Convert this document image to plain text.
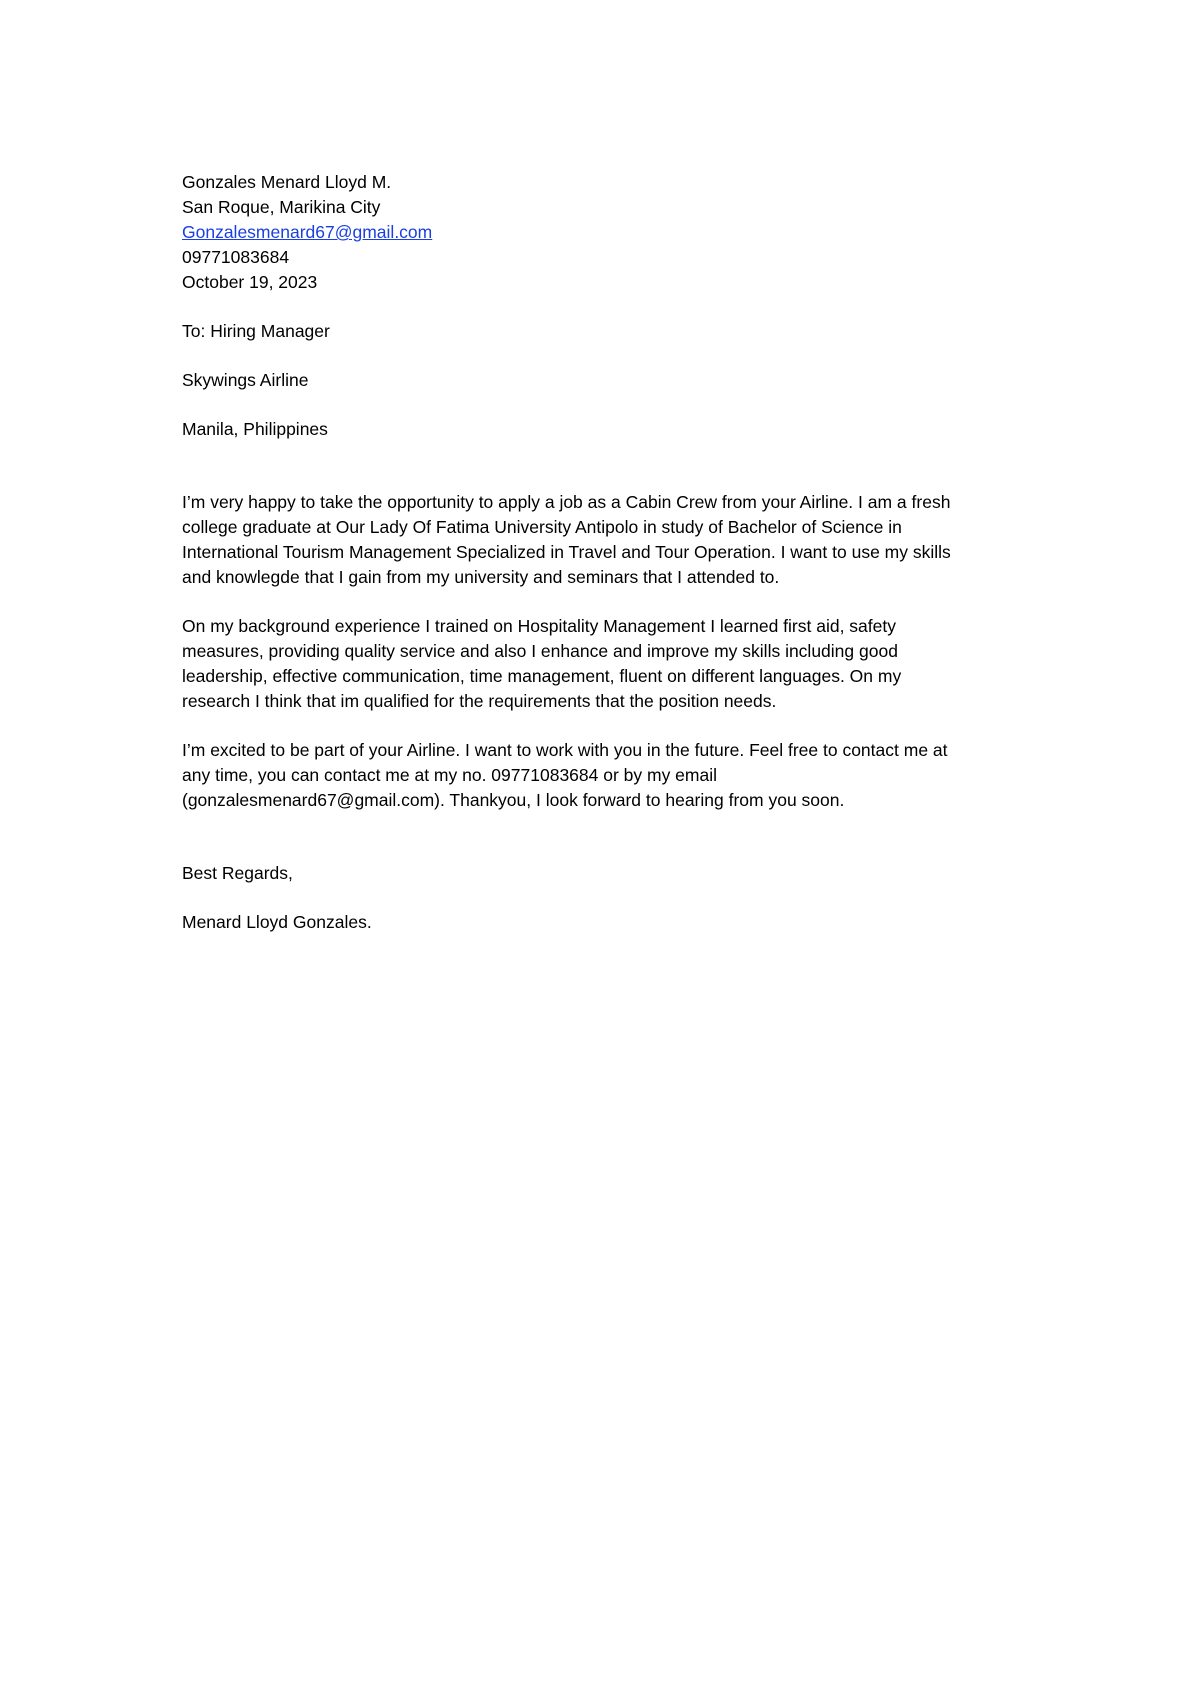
Gonzales Menard Lloyd M.
San Roque, Marikina City
Gonzalesmenard67@gmail.com
09771083684
October 19, 2023
To: Hiring Manager
Skywings Airline
Manila, Philippines
I’m very happy to take the opportunity to apply a job as a Cabin Crew from your Airline. I am a fresh
college graduate at Our Lady Of Fatima University Antipolo in study of Bachelor of Science in
International Tourism Management Specialized in Travel and Tour Operation. I want to use my skills
and knowlegde that I gain from my university and seminars that I attended to.
On my background experience I trained on Hospitality Management I learned first aid, safety
measures, providing quality service and also I enhance and improve my skills including good
leadership, effective communication, time management, fluent on different languages. On my
research I think that im qualified for the requirements that the position needs.
I’m excited to be part of your Airline. I want to work with you in the future. Feel free to contact me at
any time, you can contact me at my no. 09771083684 or by my email
(gonzalesmenard67@gmail.com). Thankyou, I look forward to hearing from you soon.
Best Regards,
Menard Lloyd Gonzales.
